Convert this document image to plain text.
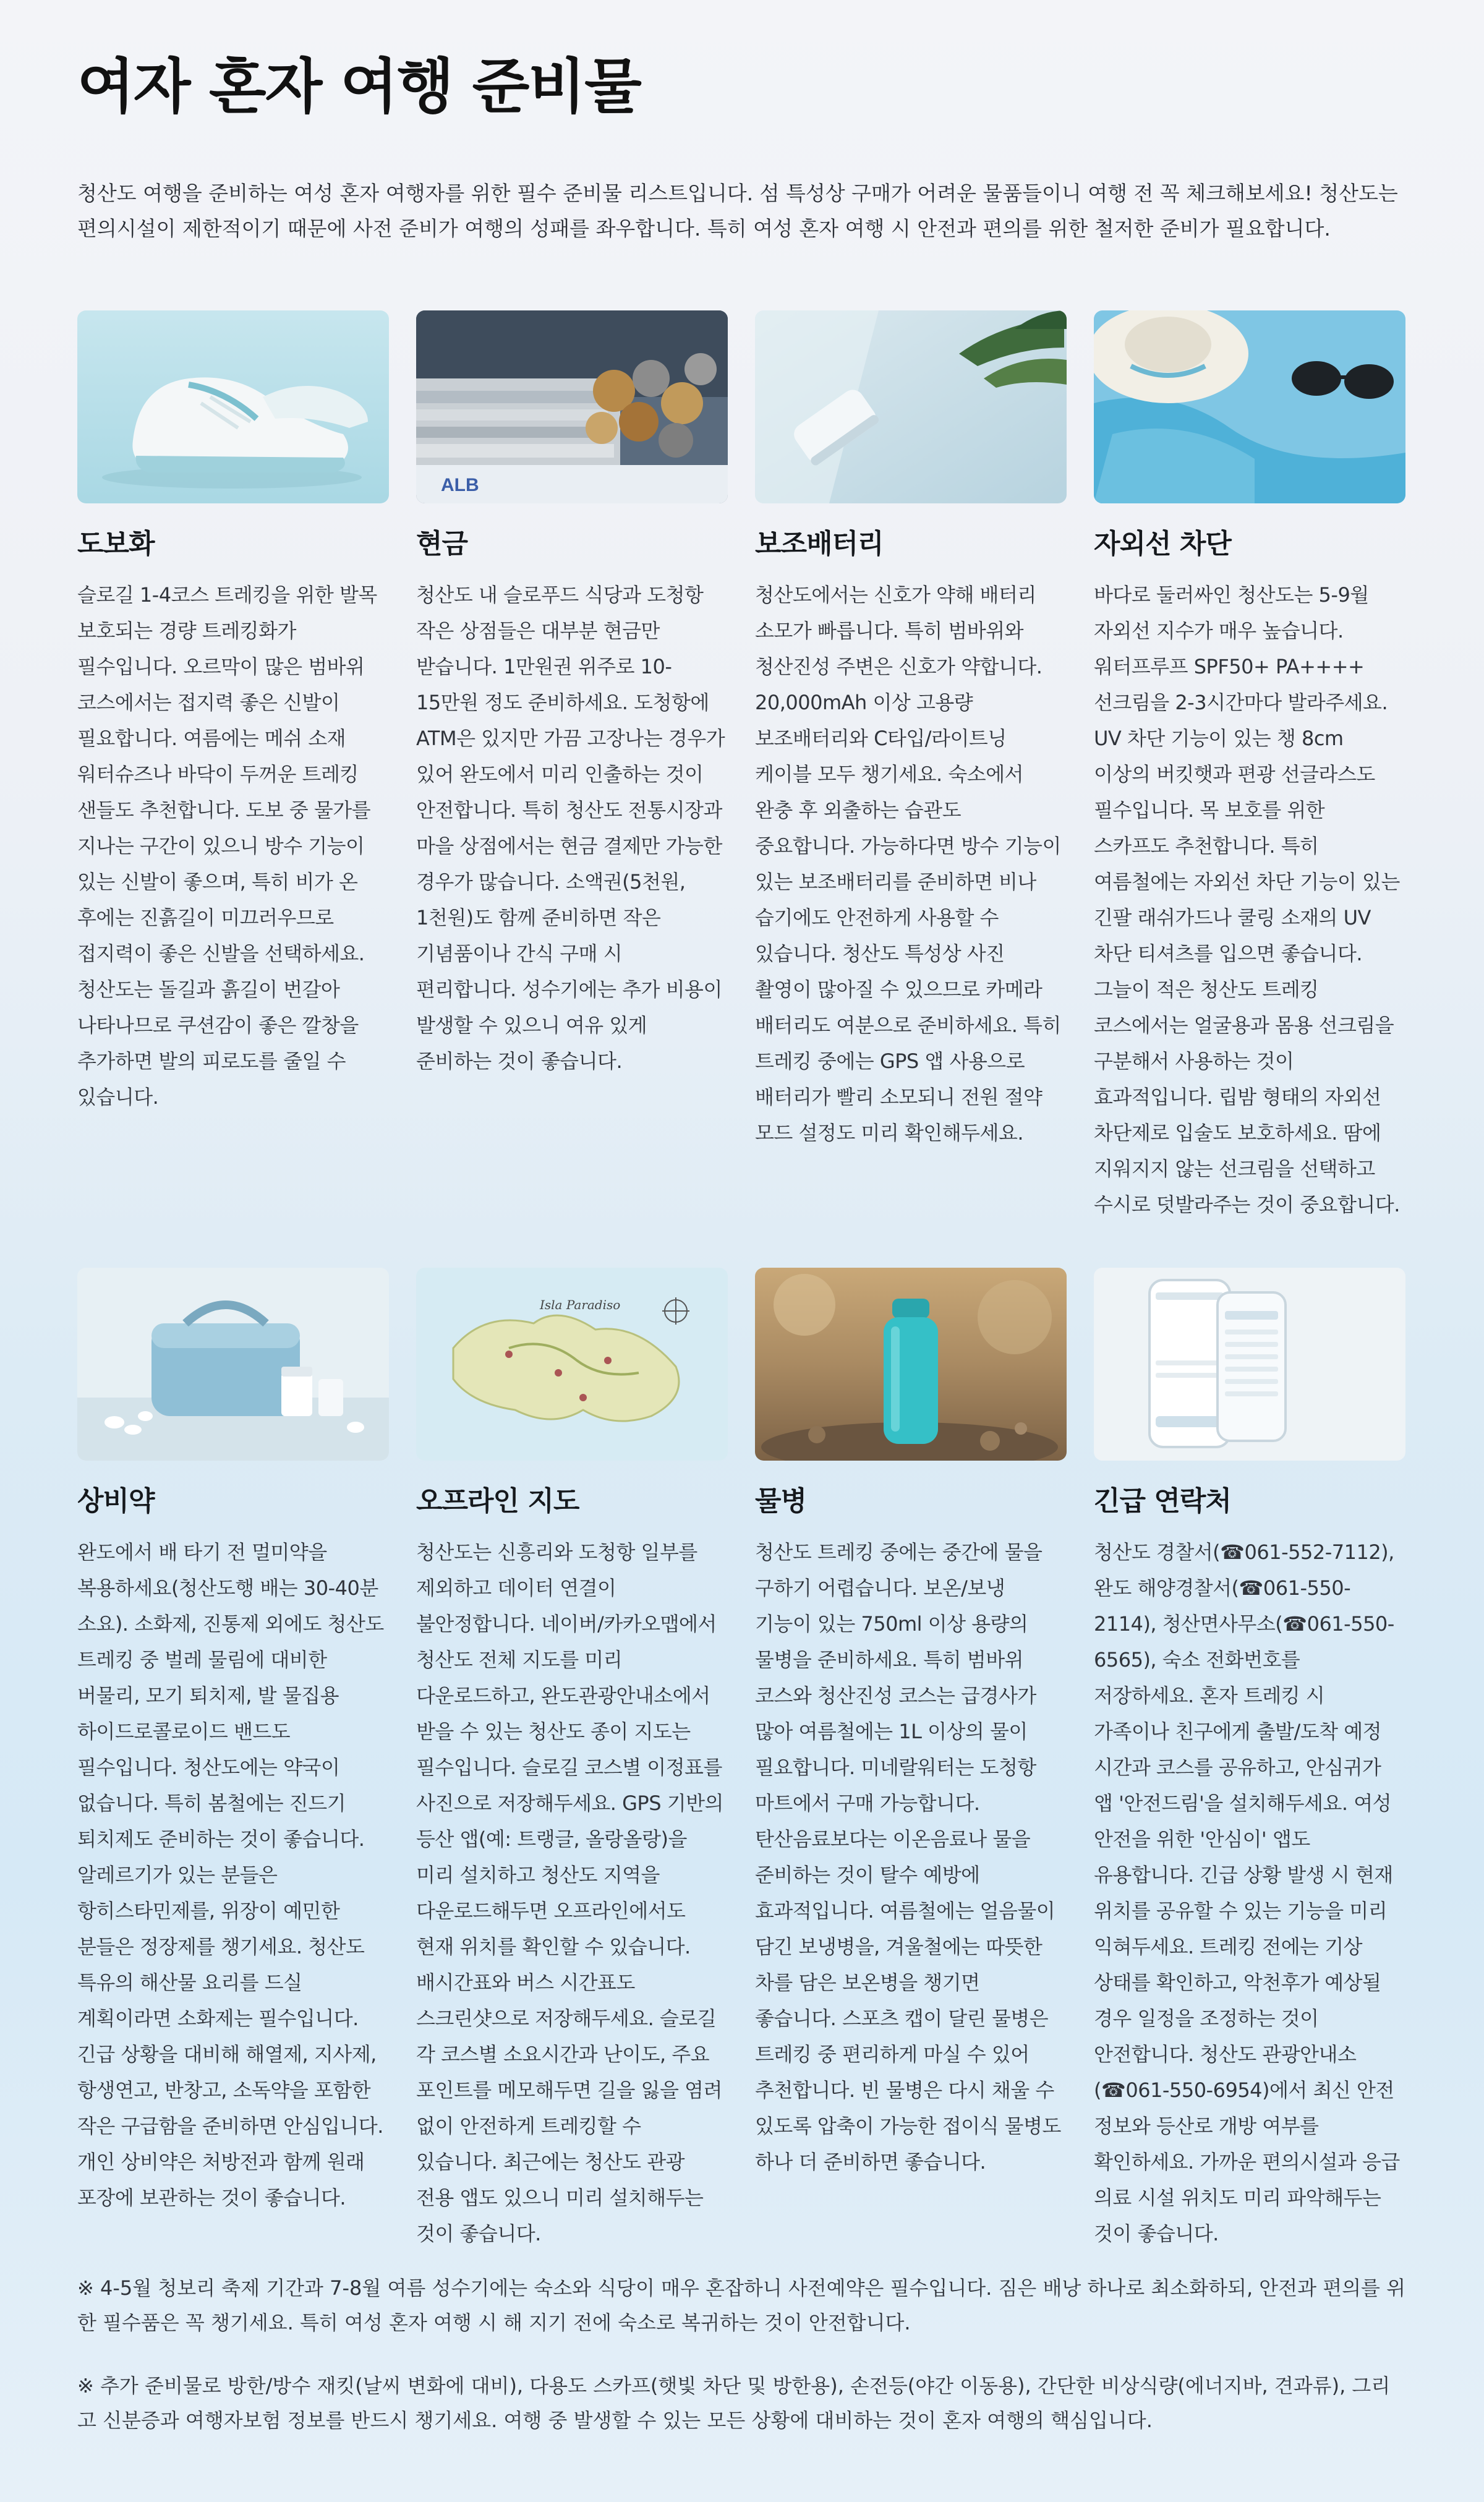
여자 혼자 여행 준비물

청산도 여행을 준비하는 여성 혼자 여행자를 위한 필수 준비물 리스트입니다. 섬 특성상 구매가 어려운 물품들이니 여행 전 꼭 체크해보세요! 청산도는 편의시설이 제한적이기 때문에 사전 준비가 여행의 성패를 좌우합니다. 특히 여성 혼자 여행 시 안전과 편의를 위한 철저한 준비가 필요합니다.

도보화

슬로길 1-4코스 트레킹을 위한 발목 보호되는 경량 트레킹화가 필수입니다. 오르막이 많은 범바위 코스에서는 접지력 좋은 신발이 필요합니다. 여름에는 메쉬 소재 워터슈즈나 바닥이 두꺼운 트레킹 샌들도 추천합니다. 도보 중 물가를 지나는 구간이 있으니 방수 기능이 있는 신발이 좋으며, 특히 비가 온 후에는 진흙길이 미끄러우므로 접지력이 좋은 신발을 선택하세요. 청산도는 돌길과 흙길이 번갈아 나타나므로 쿠션감이 좋은 깔창을 추가하면 발의 피로도를 줄일 수 있습니다.

ALB
현금

청산도 내 슬로푸드 식당과 도청항 작은 상점들은 대부분 현금만 받습니다. 1만원권 위주로 10-15만원 정도 준비하세요. 도청항에 ATM은 있지만 가끔 고장나는 경우가 있어 완도에서 미리 인출하는 것이 안전합니다. 특히 청산도 전통시장과 마을 상점에서는 현금 결제만 가능한 경우가 많습니다. 소액권(5천원, 1천원)도 함께 준비하면 작은 기념품이나 간식 구매 시 편리합니다. 성수기에는 추가 비용이 발생할 수 있으니 여유 있게 준비하는 것이 좋습니다.

보조배터리

청산도에서는 신호가 약해 배터리 소모가 빠릅니다. 특히 범바위와 청산진성 주변은 신호가 약합니다. 20,000mAh 이상 고용량 보조배터리와 C타입/라이트닝 케이블 모두 챙기세요. 숙소에서 완충 후 외출하는 습관도 중요합니다. 가능하다면 방수 기능이 있는 보조배터리를 준비하면 비나 습기에도 안전하게 사용할 수 있습니다. 청산도 특성상 사진 촬영이 많아질 수 있으므로 카메라 배터리도 여분으로 준비하세요. 특히 트레킹 중에는 GPS 앱 사용으로 배터리가 빨리 소모되니 전원 절약 모드 설정도 미리 확인해두세요.

자외선 차단

바다로 둘러싸인 청산도는 5-9월 자외선 지수가 매우 높습니다. 워터프루프 SPF50+ PA++++ 선크림을 2-3시간마다 발라주세요. UV 차단 기능이 있는 챙 8cm 이상의 버킷햇과 편광 선글라스도 필수입니다. 목 보호를 위한 스카프도 추천합니다. 특히 여름철에는 자외선 차단 기능이 있는 긴팔 래쉬가드나 쿨링 소재의 UV 차단 티셔츠를 입으면 좋습니다. 그늘이 적은 청산도 트레킹 코스에서는 얼굴용과 몸용 선크림을 구분해서 사용하는 것이 효과적입니다. 립밤 형태의 자외선 차단제로 입술도 보호하세요. 땀에 지워지지 않는 선크림을 선택하고 수시로 덧발라주는 것이 중요합니다.

상비약

완도에서 배 타기 전 멀미약을 복용하세요(청산도행 배는 30-40분 소요). 소화제, 진통제 외에도 청산도 트레킹 중 벌레 물림에 대비한 버물리, 모기 퇴치제, 발 물집용 하이드로콜로이드 밴드도 필수입니다. 청산도에는 약국이 없습니다. 특히 봄철에는 진드기 퇴치제도 준비하는 것이 좋습니다. 알레르기가 있는 분들은 항히스타민제를, 위장이 예민한 분들은 정장제를 챙기세요. 청산도 특유의 해산물 요리를 드실 계획이라면 소화제는 필수입니다. 긴급 상황을 대비해 해열제, 지사제, 항생연고, 반창고, 소독약을 포함한 작은 구급함을 준비하면 안심입니다. 개인 상비약은 처방전과 함께 원래 포장에 보관하는 것이 좋습니다.

Isla Paradiso
오프라인 지도

청산도는 신흥리와 도청항 일부를 제외하고 데이터 연결이 불안정합니다. 네이버/카카오맵에서 청산도 전체 지도를 미리 다운로드하고, 완도관광안내소에서 받을 수 있는 청산도 종이 지도는 필수입니다. 슬로길 코스별 이정표를 사진으로 저장해두세요. GPS 기반의 등산 앱(예: 트랭글, 올랑올랑)을 미리 설치하고 청산도 지역을 다운로드해두면 오프라인에서도 현재 위치를 확인할 수 있습니다. 배시간표와 버스 시간표도 스크린샷으로 저장해두세요. 슬로길 각 코스별 소요시간과 난이도, 주요 포인트를 메모해두면 길을 잃을 염려 없이 안전하게 트레킹할 수 있습니다. 최근에는 청산도 관광 전용 앱도 있으니 미리 설치해두는 것이 좋습니다.

물병

청산도 트레킹 중에는 중간에 물을 구하기 어렵습니다. 보온/보냉 기능이 있는 750ml 이상 용량의 물병을 준비하세요. 특히 범바위 코스와 청산진성 코스는 급경사가 많아 여름철에는 1L 이상의 물이 필요합니다. 미네랄워터는 도청항 마트에서 구매 가능합니다. 탄산음료보다는 이온음료나 물을 준비하는 것이 탈수 예방에 효과적입니다. 여름철에는 얼음물이 담긴 보냉병을, 겨울철에는 따뜻한 차를 담은 보온병을 챙기면 좋습니다. 스포츠 캡이 달린 물병은 트레킹 중 편리하게 마실 수 있어 추천합니다. 빈 물병은 다시 채울 수 있도록 압축이 가능한 접이식 물병도 하나 더 준비하면 좋습니다.

긴급 연락처

청산도 경찰서(☎061-552-7112), 완도 해양경찰서(☎061-550-2114), 청산면사무소(☎061-550-6565), 숙소 전화번호를 저장하세요. 혼자 트레킹 시 가족이나 친구에게 출발/도착 예정 시간과 코스를 공유하고, 안심귀가 앱 '안전드림'을 설치해두세요. 여성 안전을 위한 '안심이' 앱도 유용합니다. 긴급 상황 발생 시 현재 위치를 공유할 수 있는 기능을 미리 익혀두세요. 트레킹 전에는 기상 상태를 확인하고, 악천후가 예상될 경우 일정을 조정하는 것이 안전합니다. 청산도 관광안내소(☎061-550-6954)에서 최신 안전 정보와 등산로 개방 여부를 확인하세요. 가까운 편의시설과 응급 의료 시설 위치도 미리 파악해두는 것이 좋습니다.

※ 4-5월 청보리 축제 기간과 7-8월 여름 성수기에는 숙소와 식당이 매우 혼잡하니 사전예약은 필수입니다. 짐은 배낭 하나로 최소화하되, 안전과 편의를 위한 필수품은 꼭 챙기세요. 특히 여성 혼자 여행 시 해 지기 전에 숙소로 복귀하는 것이 안전합니다.

※ 추가 준비물로 방한/방수 재킷(날씨 변화에 대비), 다용도 스카프(햇빛 차단 및 방한용), 손전등(야간 이동용), 간단한 비상식량(에너지바, 견과류), 그리고 신분증과 여행자보험 정보를 반드시 챙기세요. 여행 중 발생할 수 있는 모든 상황에 대비하는 것이 혼자 여행의 핵심입니다.
